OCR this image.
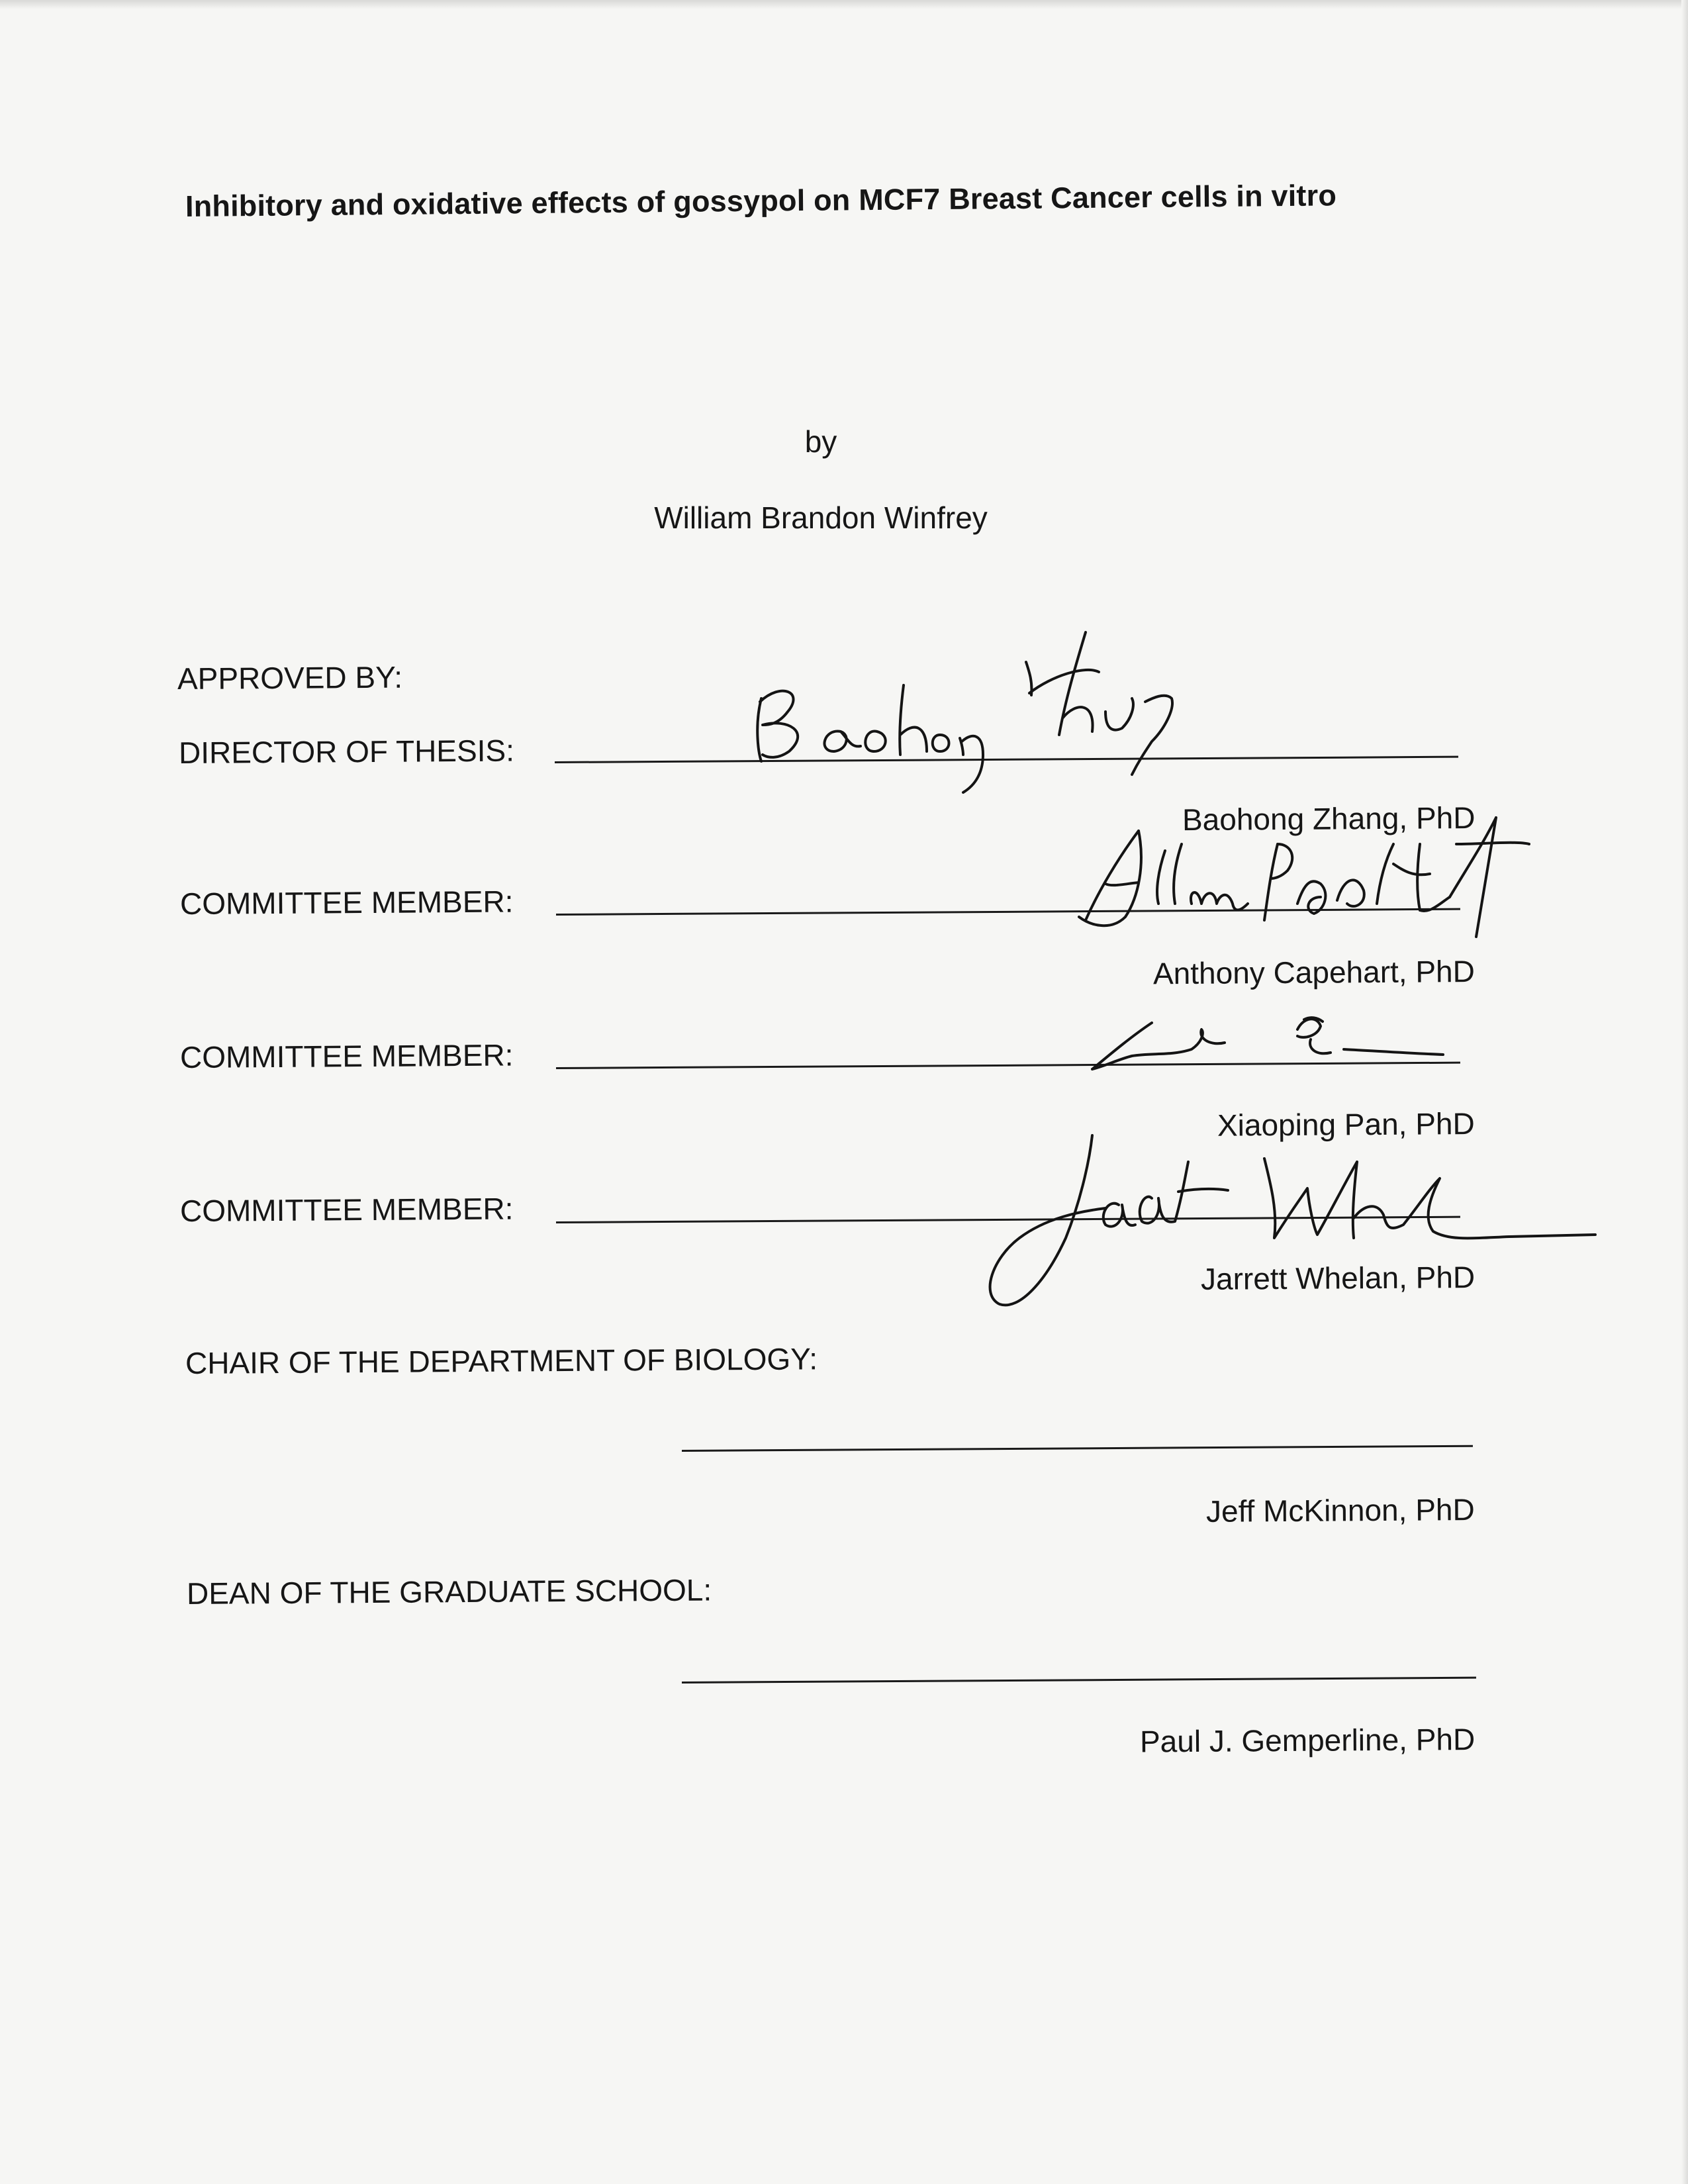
Inhibitory and oxidative effects of gossypol on MCF7 Breast Cancer cells in vitro
by
William Brandon Winfrey
APPROVED BY:
DIRECTOR OF THESIS:
Baohong Zhang, PhD
COMMITTEE MEMBER:
Anthony Capehart, PhD
COMMITTEE MEMBER:
Xiaoping Pan, PhD
COMMITTEE MEMBER:
Jarrett Whelan, PhD
CHAIR OF THE DEPARTMENT OF BIOLOGY:
Jeff McKinnon, PhD
DEAN OF THE GRADUATE SCHOOL:
Paul J. Gemperline, PhD
